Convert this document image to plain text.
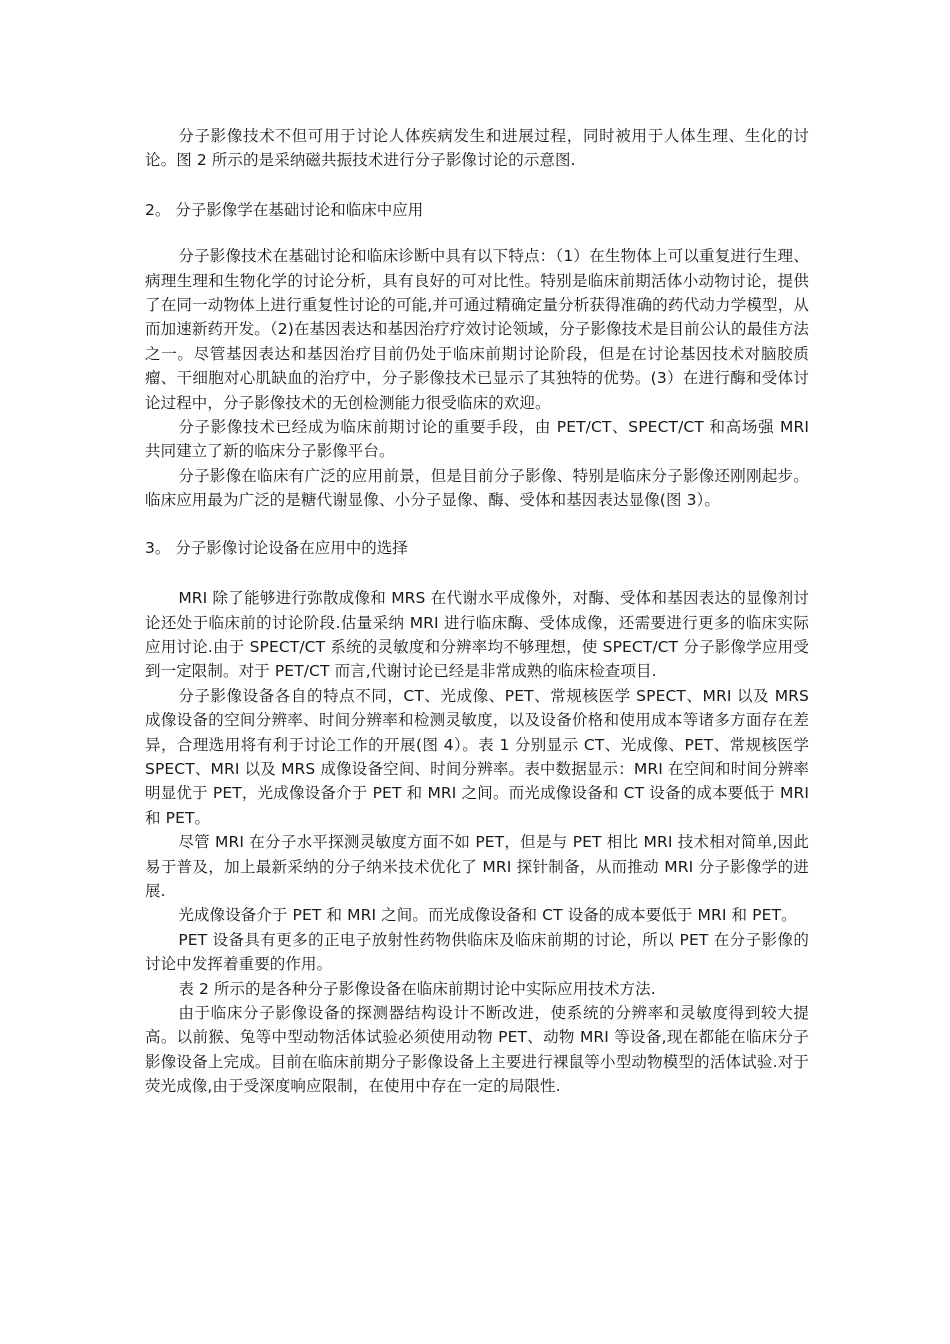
分子影像技术不但可用于讨论人体疾病发生和进展过程，同时被用于人体生理、生化的讨论。图 2 所示的是采纳磁共振技术进行分子影像讨论的示意图.

2。 分子影像学在基础讨论和临床中应用

分子影像技术在基础讨论和临床诊断中具有以下特点：（1）在生物体上可以重复进行生理、病理生理和生物化学的讨论分析，具有良好的可对比性。特别是临床前期活体小动物讨论，提供了在同一动物体上进行重复性讨论的可能,并可通过精确定量分析获得准确的药代动力学模型，从而加速新药开发。（2)在基因表达和基因治疗疗效讨论领域，分子影像技术是目前公认的最佳方法之一。尽管基因表达和基因治疗目前仍处于临床前期讨论阶段，但是在讨论基因技术对脑胶质瘤、干细胞对心肌缺血的治疗中，分子影像技术已显示了其独特的优势。(3）在进行酶和受体讨论过程中，分子影像技术的无创检测能力很受临床的欢迎。

分子影像技术已经成为临床前期讨论的重要手段，由 PET/CT、SPECT/CT 和高场强 MRI 共同建立了新的临床分子影像平台。

分子影像在临床有广泛的应用前景，但是目前分子影像、特别是临床分子影像还刚刚起步。临床应用最为广泛的是糖代谢显像、小分子显像、酶、受体和基因表达显像(图 3）。

3。 分子影像讨论设备在应用中的选择

MRI 除了能够进行弥散成像和 MRS 在代谢水平成像外，对酶、受体和基因表达的显像剂讨论还处于临床前的讨论阶段.估量采纳 MRI 进行临床酶、受体成像，还需要进行更多的临床实际应用讨论.由于 SPECT/CT 系统的灵敏度和分辨率均不够理想，使 SPECT/CT 分子影像学应用受到一定限制。对于 PET/CT 而言,代谢讨论已经是非常成熟的临床检查项目.

分子影像设备各自的特点不同，CT、光成像、PET、常规核医学 SPECT、MRI 以及 MRS 成像设备的空间分辨率、时间分辨率和检测灵敏度，以及设备价格和使用成本等诸多方面存在差异，合理选用将有利于讨论工作的开展(图 4）。表 1 分别显示 CT、光成像、PET、常规核医学 SPECT、MRI 以及 MRS 成像设备空间、时间分辨率。表中数据显示：MRI 在空间和时间分辨率明显优于 PET，光成像设备介于 PET 和 MRI 之间。而光成像设备和 CT 设备的成本要低于 MRI 和 PET。

尽管 MRI 在分子水平探测灵敏度方面不如 PET，但是与 PET 相比 MRI 技术相对简单,因此易于普及，加上最新采纳的分子纳米技术优化了 MRI 探针制备，从而推动 MRI 分子影像学的进展.

光成像设备介于 PET 和 MRI 之间。而光成像设备和 CT 设备的成本要低于 MRI 和 PET。

PET 设备具有更多的正电子放射性药物供临床及临床前期的讨论，所以 PET 在分子影像的讨论中发挥着重要的作用。

表 2 所示的是各种分子影像设备在临床前期讨论中实际应用技术方法.

由于临床分子影像设备的探测器结构设计不断改进，使系统的分辨率和灵敏度得到较大提高。以前猴、兔等中型动物活体试验必须使用动物 PET、动物 MRI 等设备,现在都能在临床分子影像设备上完成。目前在临床前期分子影像设备上主要进行裸鼠等小型动物模型的活体试验.对于荧光成像,由于受深度响应限制，在使用中存在一定的局限性.
